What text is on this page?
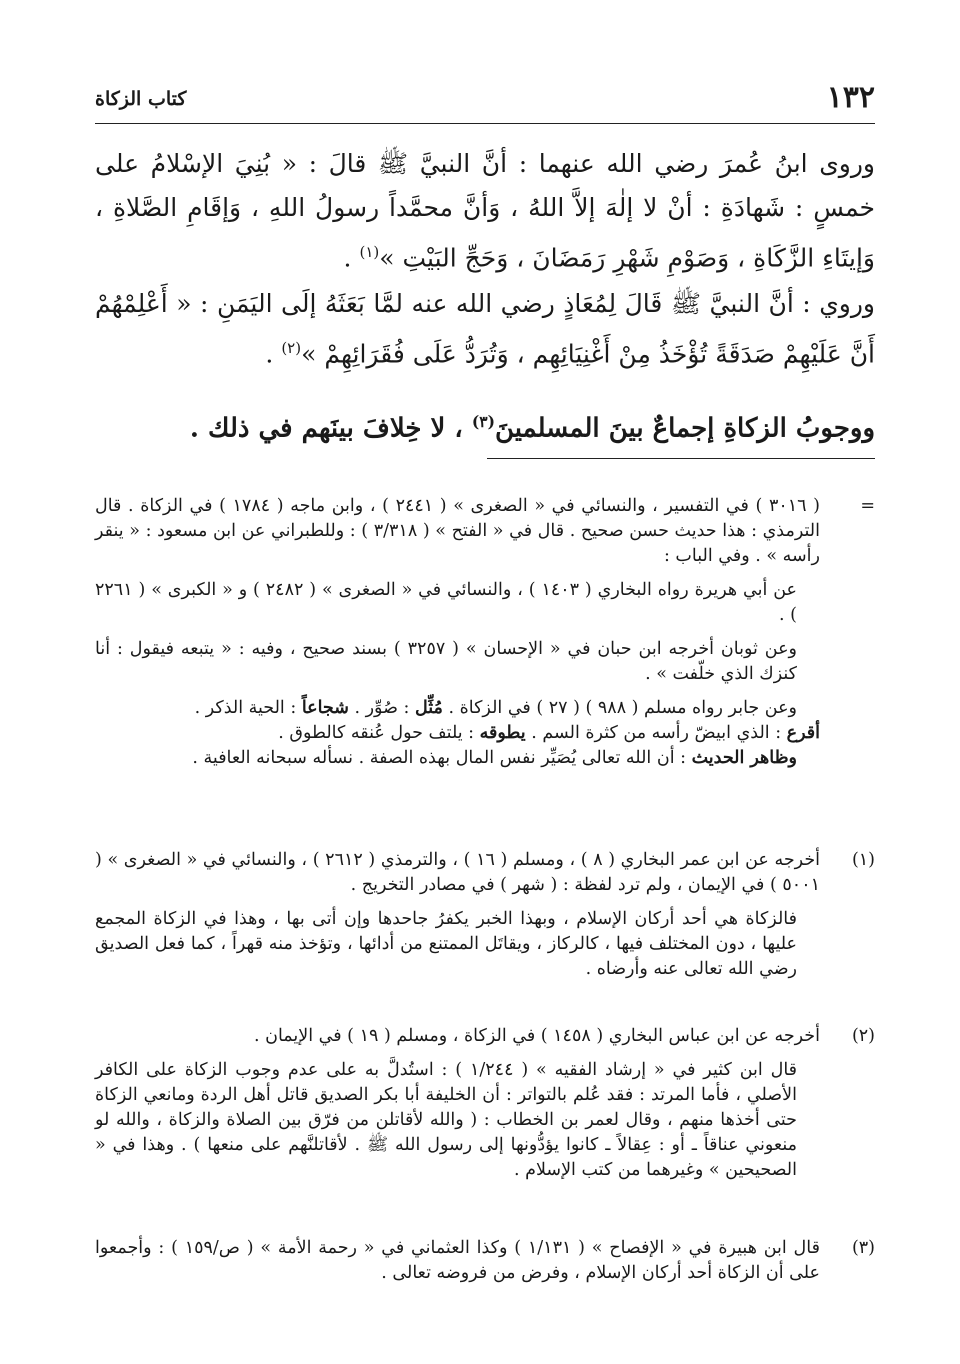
١٣٢
كتاب الزكاة
وروى ابنُ عُمرَ رضي الله عنهما : أنَّ النبيَّ ﷺ قالَ : « بُنِيَ الإسْلامُ على خمسٍ : شَهادَةِ : أنْ لا إلٰهَ إلاَّ اللهُ ، وَأنَّ محمَّداً رسولُ اللهِ ، وَإقَامِ الصَّلاةِ ، وَإيتَاءِ الزَّكَاةِ ، وَصَوْمِ شَهْرِ رَمَضَانَ ، وَحَجِّ البَيْتِ »$^{(١)}$ .
وروي : أنَّ النبيَّ ﷺ قَالَ لِمُعَاذٍ رضي الله عنه لمَّا بَعَثَهُ إلَى اليَمَنِ : « أَعْلِمْهُمْ أَنَّ عَلَيْهِمْ صَدَقَةً تُؤْخَذُ مِنْ أَغْنِيَائِهِم ، وَتُرَدُّ عَلَى فُقَرَائِهِمْ »$^{(٢)}$ .
ووجوبُ الزكاةِ إجماعٌ بينَ المسلمينَ$^{(٣)}$ ، لا خِلافَ بينَهم في ذلك .
=

( ٣٠١٦ ) في التفسير ، والنسائي في « الصغرى » ( ٢٤٤١ ) ، وابن ماجه ( ١٧٨٤ ) في الزكاة . قال الترمذي : هذا حديث حسن صحيح . قال في « الفتح » ( ٣/٣١٨ ) : وللطبراني عن ابن مسعود : « ينقر رأسه » . وفي الباب :

عن أبي هريرة رواه البخاري ( ١٤٠٣ ) ، والنسائي في « الصغرى » ( ٢٤٨٢ ) و « الكبرى » ( ٢٢٦١ ) .

وعن ثوبان أخرجه ابن حبان في « الإحسان » ( ٣٢٥٧ ) بسند صحيح ، وفيه : « يتبعه فيقول : أنا كنزك الذي خلّفت » .

وعن جابر رواه مسلم ( ٩٨٨ ) ( ٢٧ ) في الزكاة . مُثِّل : صُوِّر . شجاعاً : الحية الذكر .

أقرع : الذي ابيضّ رأسه من كثرة السم . يطوقه : يلتف حول عُنقه كالطوق .

وظاهر الحديث : أن الله تعالى يُصَيِّر نفس المال بهذه الصفة . نسأله سبحانه العافية .

(١)

أخرجه عن ابن عمر البخاري ( ٨ ) ، ومسلم ( ١٦ ) ، والترمذي ( ٢٦١٢ ) ، والنسائي في « الصغرى » ( ٥٠٠١ ) في الإيمان ، ولم ترد لفظة : ( شهر ) في مصادر التخريج .

فالزكاة هي أحد أركان الإسلام ، وبهذا الخبر يكفرُ جاحدها وإن أتى بها ، وهذا في الزكاة المجمع عليها ، دون المختلف فيها ، كالركاز ، ويقاتَل الممتنع من أدائها ، وتؤخذ منه قهراً ، كما فعل الصديق رضي الله تعالى عنه وأرضاه .

(٢)

أخرجه عن ابن عباس البخاري ( ١٤٥٨ ) في الزكاة ، ومسلم ( ١٩ ) في الإيمان .

قال ابن كثير في « إرشاد الفقيه » ( ١/٢٤٤ ) : استُدلَّ به على عدم وجوب الزكاة على الكافر الأصلي ، فأما المرتد : فقد عُلم بالتواتر : أن الخليفة أبا بكر الصديق قاتل أهل الردة ومانعي الزكاة حتى أخذها منهم ، وقال لعمر بن الخطاب : ( والله لأقاتلن من فرّق بين الصلاة والزكاة ، والله لو منعوني عناقاً ـ أو : عِقالاً ـ كانوا يؤدُّونها إلى رسول الله ﷺ . لأقاتلنَّهم على منعها ) . وهذا في « الصحيحين » وغيرهما من كتب الإسلام .

(٣)

قال ابن هبيرة في « الإفصاح » ( ١/١٣١ ) وكذا العثماني في « رحمة الأمة » ( ص/١٥٩ ) : وأجمعوا على أن الزكاة أحد أركان الإسلام ، وفرض من فروضه تعالى .
